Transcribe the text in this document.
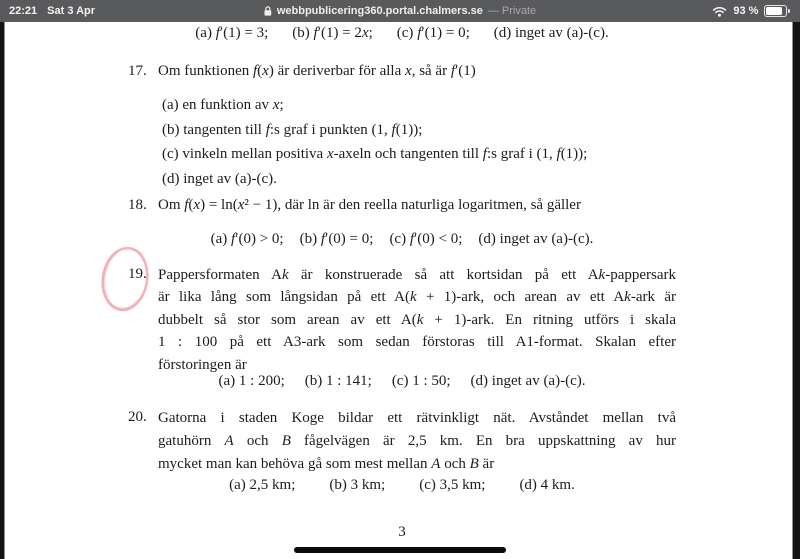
22:21 Sat 3 Apr	webbpublicering360.portal.chalmers.se — Private	93 %
(a) f′(1) = 3; (b) f′(1) = 2x; (c) f′(1) = 0; (d) inget av (a)-(c).
17. Om funktionen f(x) är deriverbar för alla x, så är f′(1)
(a) en funktion av x;
(b) tangenten till f:s graf i punkten (1, f(1));
(c) vinkeln mellan positiva x-axeln och tangenten till f:s graf i (1, f(1));
(d) inget av (a)-(c).
18. Om f(x) = ln(x² − 1), där ln är den reella naturliga logaritmen, så gäller
(a) f′(0) > 0; (b) f′(0) = 0; (c) f′(0) < 0; (d) inget av (a)-(c).
19. Pappersformaten Ak är konstruerade så att kortsidan på ett Ak-pappersark
är lika lång som långsidan på ett A(k + 1)-ark, och arean av ett Ak-ark är
dubbelt så stor som arean av ett A(k + 1)-ark. En ritning utförs i skala
1 : 100 på ett A3-ark som sedan förstoras till A1-format. Skalan efter
förstoringen är
(a) 1 : 200; (b) 1 : 141; (c) 1 : 50; (d) inget av (a)-(c).
20. Gatorna i staden Koge bildar ett rätvinkligt nät. Avståndet mellan två
gatuhörn A och B fågelvägen är 2,5 km. En bra uppskattning av hur
mycket man kan behöva gå som mest mellan A och B är
(a) 2,5 km; (b) 3 km; (c) 3,5 km; (d) 4 km.
3
